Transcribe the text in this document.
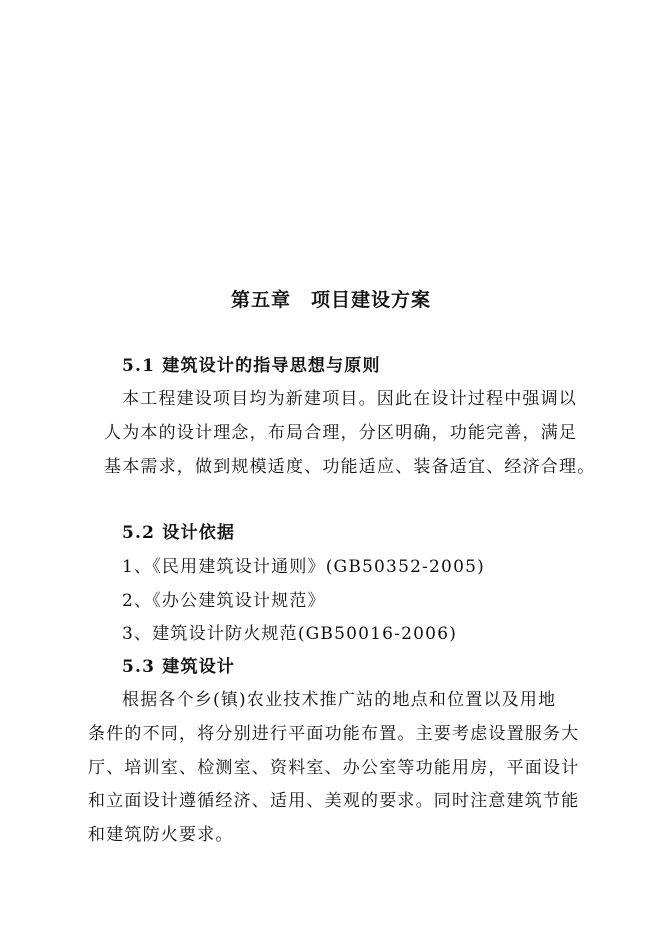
第五章　项目建设方案
5.1 建筑设计的指导思想与原则
本工程建设项目均为新建项目。因此在设计过程中强调以
人为本的设计理念，布局合理，分区明确，功能完善，满足
基本需求，做到规模适度、功能适应、装备适宜、经济合理。
5.2 设计依据
1、《民用建筑设计通则》(GB50352-2005)
2、《办公建筑设计规范》
3、建筑设计防火规范(GB50016-2006)
5.3 建筑设计
根据各个乡(镇)农业技术推广站的地点和位置以及用地
条件的不同，将分别进行平面功能布置。主要考虑设置服务大
厅、培训室、检测室、资料室、办公室等功能用房，平面设计
和立面设计遵循经济、适用、美观的要求。同时注意建筑节能
和建筑防火要求。
